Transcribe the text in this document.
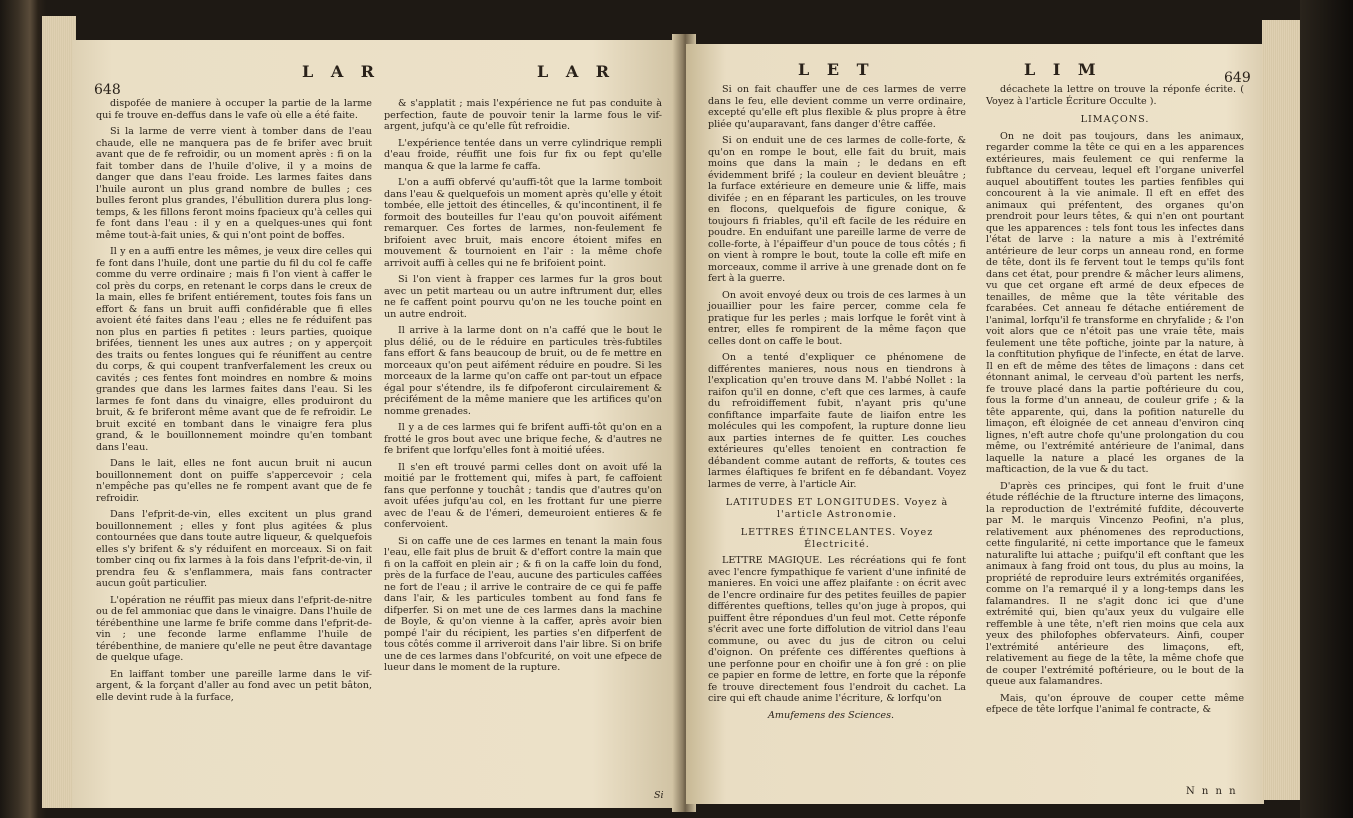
648
L A R	L A R

dispofée de maniere à occuper la partie de la larme qui fe trouve en-deffus dans le vafe où elle a été faite.

Si la larme de verre vient à tomber dans de l'eau chaude, elle ne manquera pas de fe brifer avec bruit avant que de fe refroidir, ou un moment après : fi on la fait tomber dans de l'huile d'olive, il y a moins de danger que dans l'eau froide. Les larmes faites dans l'huile auront un plus grand nombre de bulles ; ces bulles feront plus grandes, l'ébullition durera plus long-temps, & les fillons feront moins fpacieux qu'à celles qui fe font dans l'eau : il y en a quelques-unes qui font même tout-à-fait unies, & qui n'ont point de boffes.

Il y en a auffi entre les mêmes, je veux dire celles qui fe font dans l'huile, dont une partie du fil du col fe caffe comme du verre ordinaire ; mais fi l'on vient à caffer le col près du corps, en retenant le corps dans le creux de la main, elles fe brifent entiérement, toutes fois fans un effort & fans un bruit auffi confidérable que fi elles avoient été faites dans l'eau ; elles ne fe réduifent pas non plus en parties fi petites : leurs parties, quoique brifées, tiennent les unes aux autres ; on y apperçoit des traits ou fentes longues qui fe réuniffent au centre du corps, & qui coupent tranfverfalement les creux ou cavités ; ces fentes font moindres en nombre & moins grandes que dans les larmes faites dans l'eau. Si les larmes fe font dans du vinaigre, elles produiront du bruit, & fe briferont même avant que de fe refroidir. Le bruit excité en tombant dans le vinaigre fera plus grand, & le bouillonnement moindre qu'en tombant dans l'eau.

Dans le lait, elles ne font aucun bruit ni aucun bouillonnement dont on puiffe s'appercevoir ; cela n'empêche pas qu'elles ne fe rompent avant que de fe refroidir.

Dans l'efprit-de-vin, elles excitent un plus grand bouillonnement ; elles y font plus agitées & plus contournées que dans toute autre liqueur, & quelquefois elles s'y brifent & s'y réduifent en morceaux. Si on fait tomber cinq ou fix larmes à la fois dans l'efprit-de-vin, il prendra feu & s'enflammera, mais fans contracter aucun goût particulier.

L'opération ne réuffit pas mieux dans l'efprit-de-nitre ou de fel ammoniac que dans le vinaigre. Dans l'huile de térébenthine une larme fe brife comme dans l'efprit-de-vin ; une feconde larme enflamme l'huile de térébenthine, de maniere qu'elle ne peut être davantage de quelque ufage.

En laiffant tomber une pareille larme dans le vif-argent, & la forçant d'aller au fond avec un petit bâton, elle devint rude à la furface,

& s'applatit ; mais l'expérience ne fut pas conduite à perfection, faute de pouvoir tenir la larme fous le vif-argent, jufqu'à ce qu'elle fût refroidie.

L'expérience tentée dans un verre cylindrique rempli d'eau froide, réuffit une fois fur fix ou fept qu'elle manqua & que la larme fe caffa.

L'on a auffi obfervé qu'auffi-tôt que la larme tomboit dans l'eau & quelquefois un moment après qu'elle y étoit tombée, elle jettoit des étincelles, & qu'incontinent, il fe formoit des bouteilles fur l'eau qu'on pouvoit aifément remarquer. Ces fortes de larmes, non-feulement fe brifoient avec bruit, mais encore étoient mifes en mouvement & tournoient en l'air : la même chofe arrivoit auffi à celles qui ne fe brifoient point.

Si l'on vient à frapper ces larmes fur la gros bout avec un petit marteau ou un autre inftrument dur, elles ne fe caffent point pourvu qu'on ne les touche point en un autre endroit.

Il arrive à la larme dont on n'a caffé que le bout le plus délié, ou de le réduire en particules très-fubtiles fans effort & fans beaucoup de bruit, ou de fe mettre en morceaux qu'on peut aifément réduire en poudre. Si les morceaux de la larme qu'on caffe ont par-tout un efpace égal pour s'étendre, ils fe difpoferont circulairement & précifément de la même maniere que les artifices qu'on nomme grenades.

Il y a de ces larmes qui fe brifent auffi-tôt qu'on en a frotté le gros bout avec une brique feche, & d'autres ne fe brifent que lorfqu'elles font à moitié ufées.

Il s'en eft trouvé parmi celles dont on avoit ufé la moitié par le frottement qui, mifes à part, fe caffoient fans que perfonne y touchât ; tandis que d'autres qu'on avoit ufées jufqu'au col, en les frottant fur une pierre avec de l'eau & de l'émeri, demeuroient entieres & fe confervoient.

Si on caffe une de ces larmes en tenant la main fous l'eau, elle fait plus de bruit & d'effort contre la main que fi on la caffoit en plein air ; & fi on la caffe loin du fond, près de la furface de l'eau, aucune des particules caffées ne fort de l'eau ; il arrive le contraire de ce qui fe paffe dans l'air, & les particules tombent au fond fans fe difperfer. Si on met une de ces larmes dans la machine de Boyle, & qu'on vienne à la caffer, après avoir bien pompé l'air du récipient, les parties s'en difperfent de tous côtés comme il arriveroit dans l'air libre. Si on brife une de ces larmes dans l'obfcurité, on voit une efpece de lueur dans le moment de la rupture.

Si
L E T	L I M	649

Si on fait chauffer une de ces larmes de verre dans le feu, elle devient comme un verre ordinaire, excepté qu'elle eft plus flexible & plus propre à être pliée qu'auparavant, fans danger d'être caffée.

Si on enduit une de ces larmes de colle-forte, & qu'on en rompe le bout, elle fait du bruit, mais moins que dans la main ; le dedans en eft évidemment brifé ; la couleur en devient bleuâtre ; la furface extérieure en demeure unie & liffe, mais divifée ; en en féparant les particules, on les trouve en flocons, quelquefois de figure conique, & toujours fi friables, qu'il eft facile de les réduire en poudre. En enduifant une pareille larme de verre de colle-forte, à l'épaiffeur d'un pouce de tous côtés ; fi on vient à rompre le bout, toute la colle eft mife en morceaux, comme il arrive à une grenade dont on fe fert à la guerre.

On avoit envoyé deux ou trois de ces larmes à un jouaillier pour les faire percer, comme cela fe pratique fur les perles ; mais lorfque le forêt vint à entrer, elles fe rompirent de la même façon que celles dont on caffe le bout.

On a tenté d'expliquer ce phénomene de différentes manieres, nous nous en tiendrons à l'explication qu'en trouve dans M. l'abbé Nollet : la raifon qu'il en donne, c'eft que ces larmes, à caufe du refroidiffement fubit, n'ayant pris qu'une confiftance imparfaite faute de liaifon entre les molécules qui les compofent, la rupture donne lieu aux parties internes de fe quitter. Les couches extérieures qu'elles tenoient en contraction fe débandent comme autant de refforts, & toutes ces larmes élaftiques fe brifent en fe débandant. Voyez larmes de verre, à l'article Air.

LATITUDES ET LONGITUDES. Voyez à l'article Astronomie.

LETTRES ÉTINCELANTES. Voyez Électricité.

LETTRE MAGIQUE. Les récréations qui fe font avec l'encre fympathique fe varient d'une infinité de manieres. En voici une affez plaifante : on écrit avec de l'encre ordinaire fur des petites feuilles de papier différentes queftions, telles qu'on juge à propos, qui puiffent être répondues d'un feul mot. Cette réponfe s'écrit avec une forte diffolution de vitriol dans l'eau commune, ou avec du jus de citron ou celui d'oignon. On préfente ces différentes queftions à une perfonne pour en choifir une à fon gré : on plie ce papier en forme de lettre, en forte que la réponfe fe trouve directement fous l'endroit du cachet. La cire qui eft chaude anime l'écriture, & lorfqu'on

Amufemens des Sciences.

décachete la lettre on trouve la réponfe écrite. ( Voyez à l'article Écriture Occulte ).

LIMAÇONS.

On ne doit pas toujours, dans les animaux, regarder comme la tête ce qui en a les apparences extérieures, mais feulement ce qui renferme la fubftance du cerveau, lequel eft l'organe univerfel auquel aboutiffent toutes les parties fenfibles qui concourent à la vie animale. Il eft en effet des animaux qui préfentent, des organes qu'on prendroit pour leurs têtes, & qui n'en ont pourtant que les apparences : tels font tous les infectes dans l'état de larve : la nature a mis à l'extrémité antérieure de leur corps un anneau rond, en forme de tête, dont ils fe fervent tout le temps qu'ils font dans cet état, pour prendre & mâcher leurs alimens, vu que cet organe eft armé de deux efpeces de tenailles, de même que la tête véritable des fcarabées. Cet anneau fe détache entiérement de l'animal, lorfqu'il fe transforme en chryfalide ; & l'on voit alors que ce n'étoit pas une vraie tête, mais feulement une tête poftiche, jointe par la nature, à la conftitution phyfique de l'infecte, en état de larve. Il en eft de même des têtes de limaçons : dans cet étonnant animal, le cerveau d'où partent les nerfs, fe trouve placé dans la partie poftérieure du cou, fous la forme d'un anneau, de couleur grife ; & la tête apparente, qui, dans la pofition naturelle du limaçon, eft éloignée de cet anneau d'environ cinq lignes, n'eft autre chofe qu'une prolongation du cou même, ou l'extrémité antérieure de l'animal, dans laquelle la nature a placé les organes de la mafticaction, de la vue & du tact.

D'après ces principes, qui font le fruit d'une étude réfléchie de la ftructure interne des limaçons, la reproduction de l'extrémité fufdite, découverte par M. le marquis Vincenzo Peofini, n'a plus, relativement aux phénomenes des reproductions, cette fingularité, ni cette importance que le fameux naturalifte lui attache ; puifqu'il eft conftant que les animaux à fang froid ont tous, du plus au moins, la propriété de reproduire leurs extrémités organifées, comme on l'a remarqué il y a long-temps dans les falamandres. Il ne s'agit donc ici que d'une extrémité qui, bien qu'aux yeux du vulgaire elle reffemble à une tête, n'eft rien moins que cela aux yeux des philofophes obfervateurs. Ainfi, couper l'extrémité antérieure des limaçons, eft, relativement au fiege de la tête, la même chofe que de couper l'extrémité poftérieure, ou le bout de la queue aux falamandres.

Mais, qu'on éprouve de couper cette même efpece de tête lorfque l'animal fe contracte, &

N n n n
